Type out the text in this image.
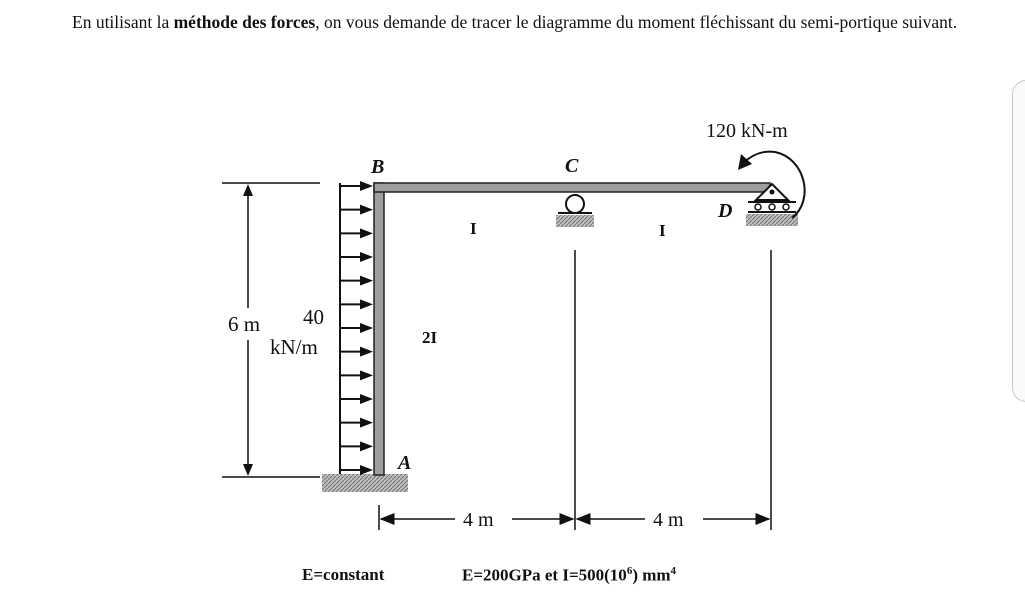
En utilisant la méthode des forces, on vous demande de tracer le diagramme du moment fléchissant du semi-portique suivant.
120 kN-m
B	C
D
A
I	I
2I
6 m 40
kN/m
4 m	4 m
E=constant	E=200GPa et $I=500(10^6)$ $mm^4$
